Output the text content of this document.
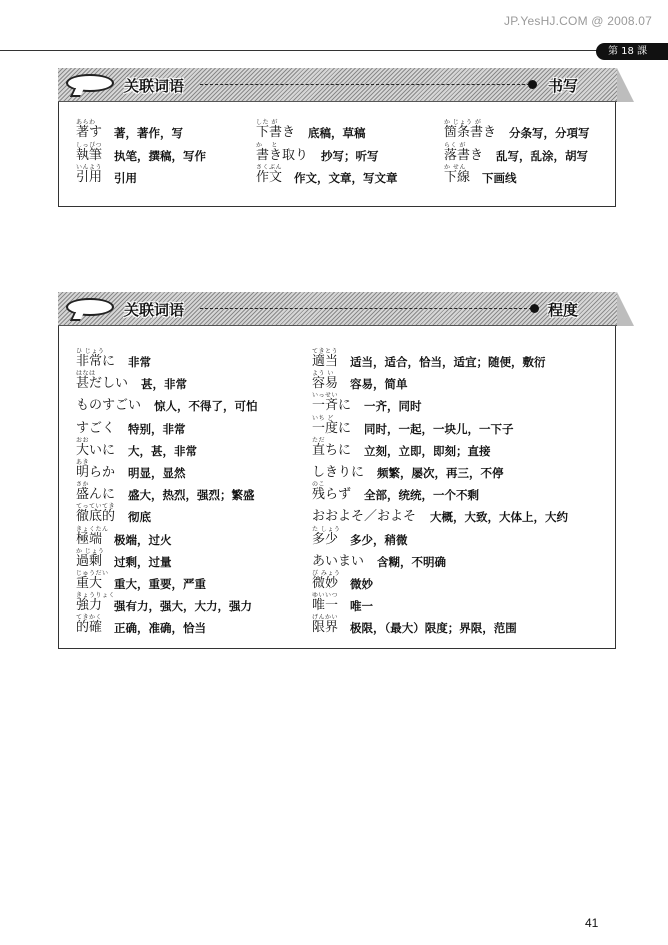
JP.YesHJ.COM @ 2008.07
第 18 課
关联词语	书写
あらわ
著す 著，著作，写
しっぴつ
執筆 执笔，撰稿，写作
いんよう
引用 引用
した が
下書き 底稿，草稿
か　 と
書き取り 抄写；听写
さくぶん
作文 作文，文章，写文章
か じょう が
箇条書き 分条写，分項写
らく が
落書き 乱写，乱涂，胡写
か せん
下線 下画线
关联词语	程度
ひ じょう
非常に 非常
はなは
甚だしい 甚，非常
ものすごい 惊人，不得了，可怕
すごく 特别，非常
おお
大いに 大，甚，非常
あき
明らか 明显，显然
さか
盛んに 盛大，热烈，强烈；繁盛
てっていてき
徹底的 彻底
きょくたん
極端 极端，过火
か じょう
過剰 过剩，过量
じゅうだい
重大 重大，重要，严重
きょうりょく
強力 强有力，强大，大力，强力
てきかく
的確 正确，准确，恰当
てきとう
適当 适当，适合，恰当，适宜；随便，敷衍
よう い
容易 容易，简单
いっせい
一斉に 一齐，同时
いち ど
一度に 同时，一起，一块儿，一下子
ただ
直ちに 立刻，立即，即刻；直接
しきりに 频繁，屡次，再三，不停
のこ
残らず 全部，统统，一个不剩
おおよそ／およそ 大概，大致，大体上，大约
た しょう
多少 多少，稍微
あいまい 含糊，不明确
び みょう
微妙 微妙
ゆいいつ
唯一 唯一
げんかい
限界 极限，（最大）限度；界限，范围
41
